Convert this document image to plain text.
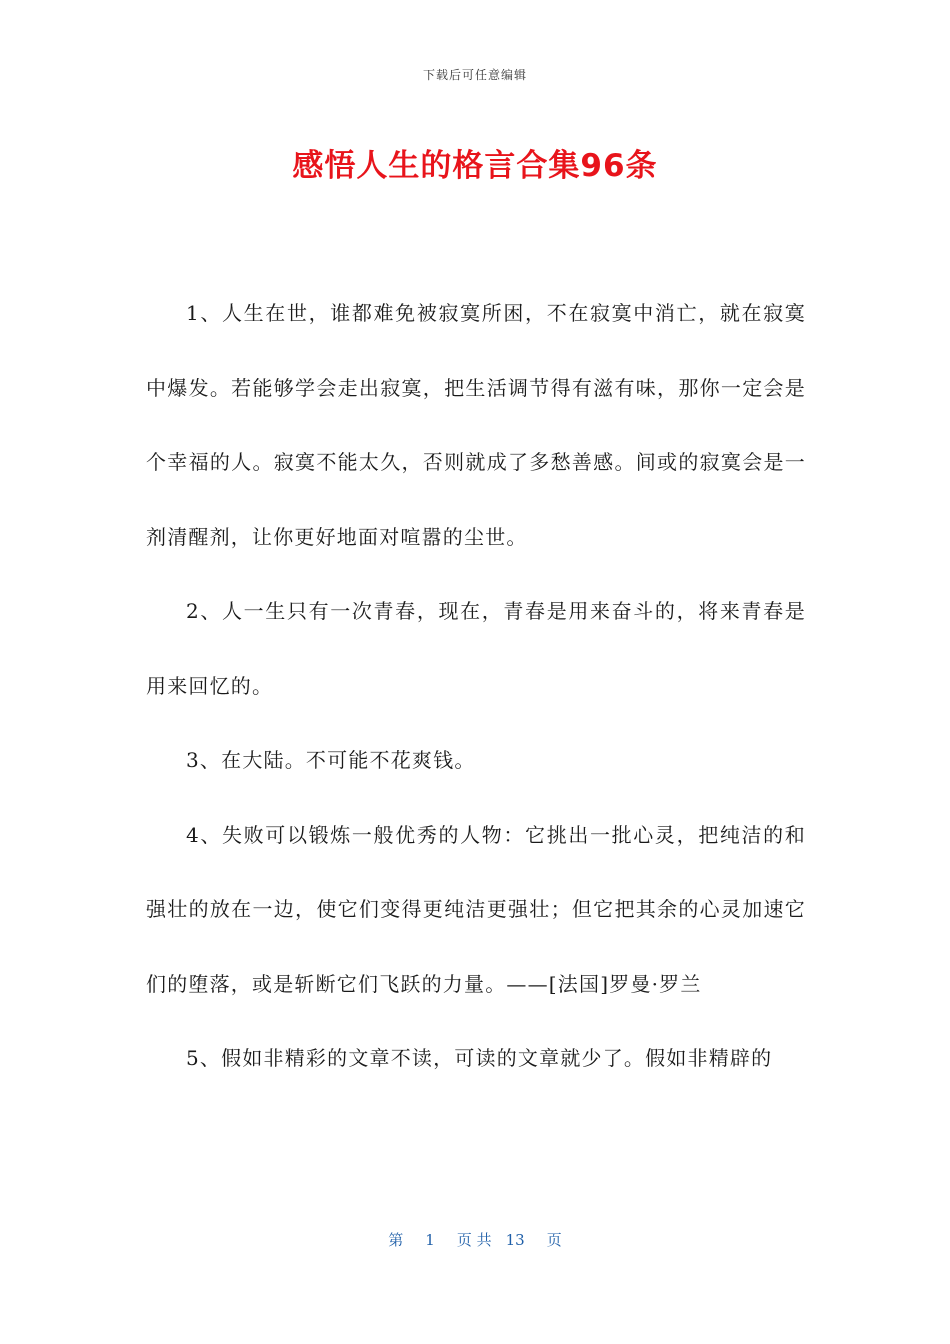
下载后可任意编辑
感悟人生的格言合集96条

1、人生在世，谁都难免被寂寞所困，不在寂寞中消亡，就在寂寞中爆发。若能够学会走出寂寞，把生活调节得有滋有味，那你一定会是个幸福的人。寂寞不能太久，否则就成了多愁善感。间或的寂寞会是一剂清醒剂，让你更好地面对喧嚣的尘世。

2、人一生只有一次青春，现在，青春是用来奋斗的，将来青春是用来回忆的。

3、在大陆。不可能不花爽钱。

4、失败可以锻炼一般优秀的人物：它挑出一批心灵，把纯洁的和强壮的放在一边，使它们变得更纯洁更强壮；但它把其余的心灵加速它们的堕落，或是斩断它们飞跃的力量。——[法国]罗曼·罗兰

5、假如非精彩的文章不读，可读的文章就少了。假如非精辟的

第 1 页 共 13 页
